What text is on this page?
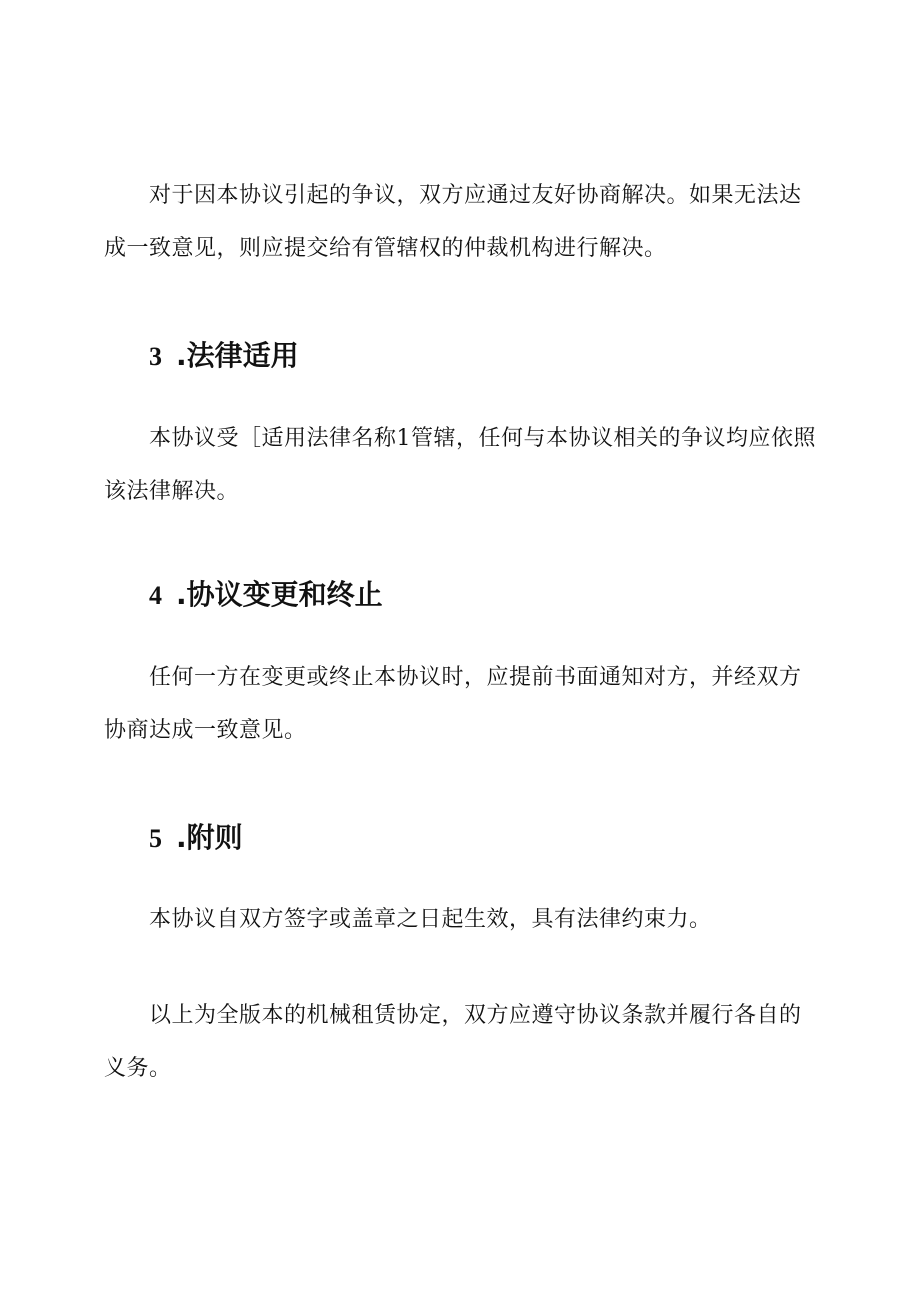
对于因本协议引起的争议，双方应通过友好协商解决。如果无法达成一致意见，则应提交给有管辖权的仲裁机构进行解决。

3 .法律适用

本协议受［适用法律名称1管辖，任何与本协议相关的争议均应依照该法律解决。

4 .协议变更和终止

任何一方在变更或终止本协议时，应提前书面通知对方，并经双方协商达成一致意见。

5 .附则

本协议自双方签字或盖章之日起生效，具有法律约束力。

以上为全版本的机械租赁协定，双方应遵守协议条款并履行各自的义务。
